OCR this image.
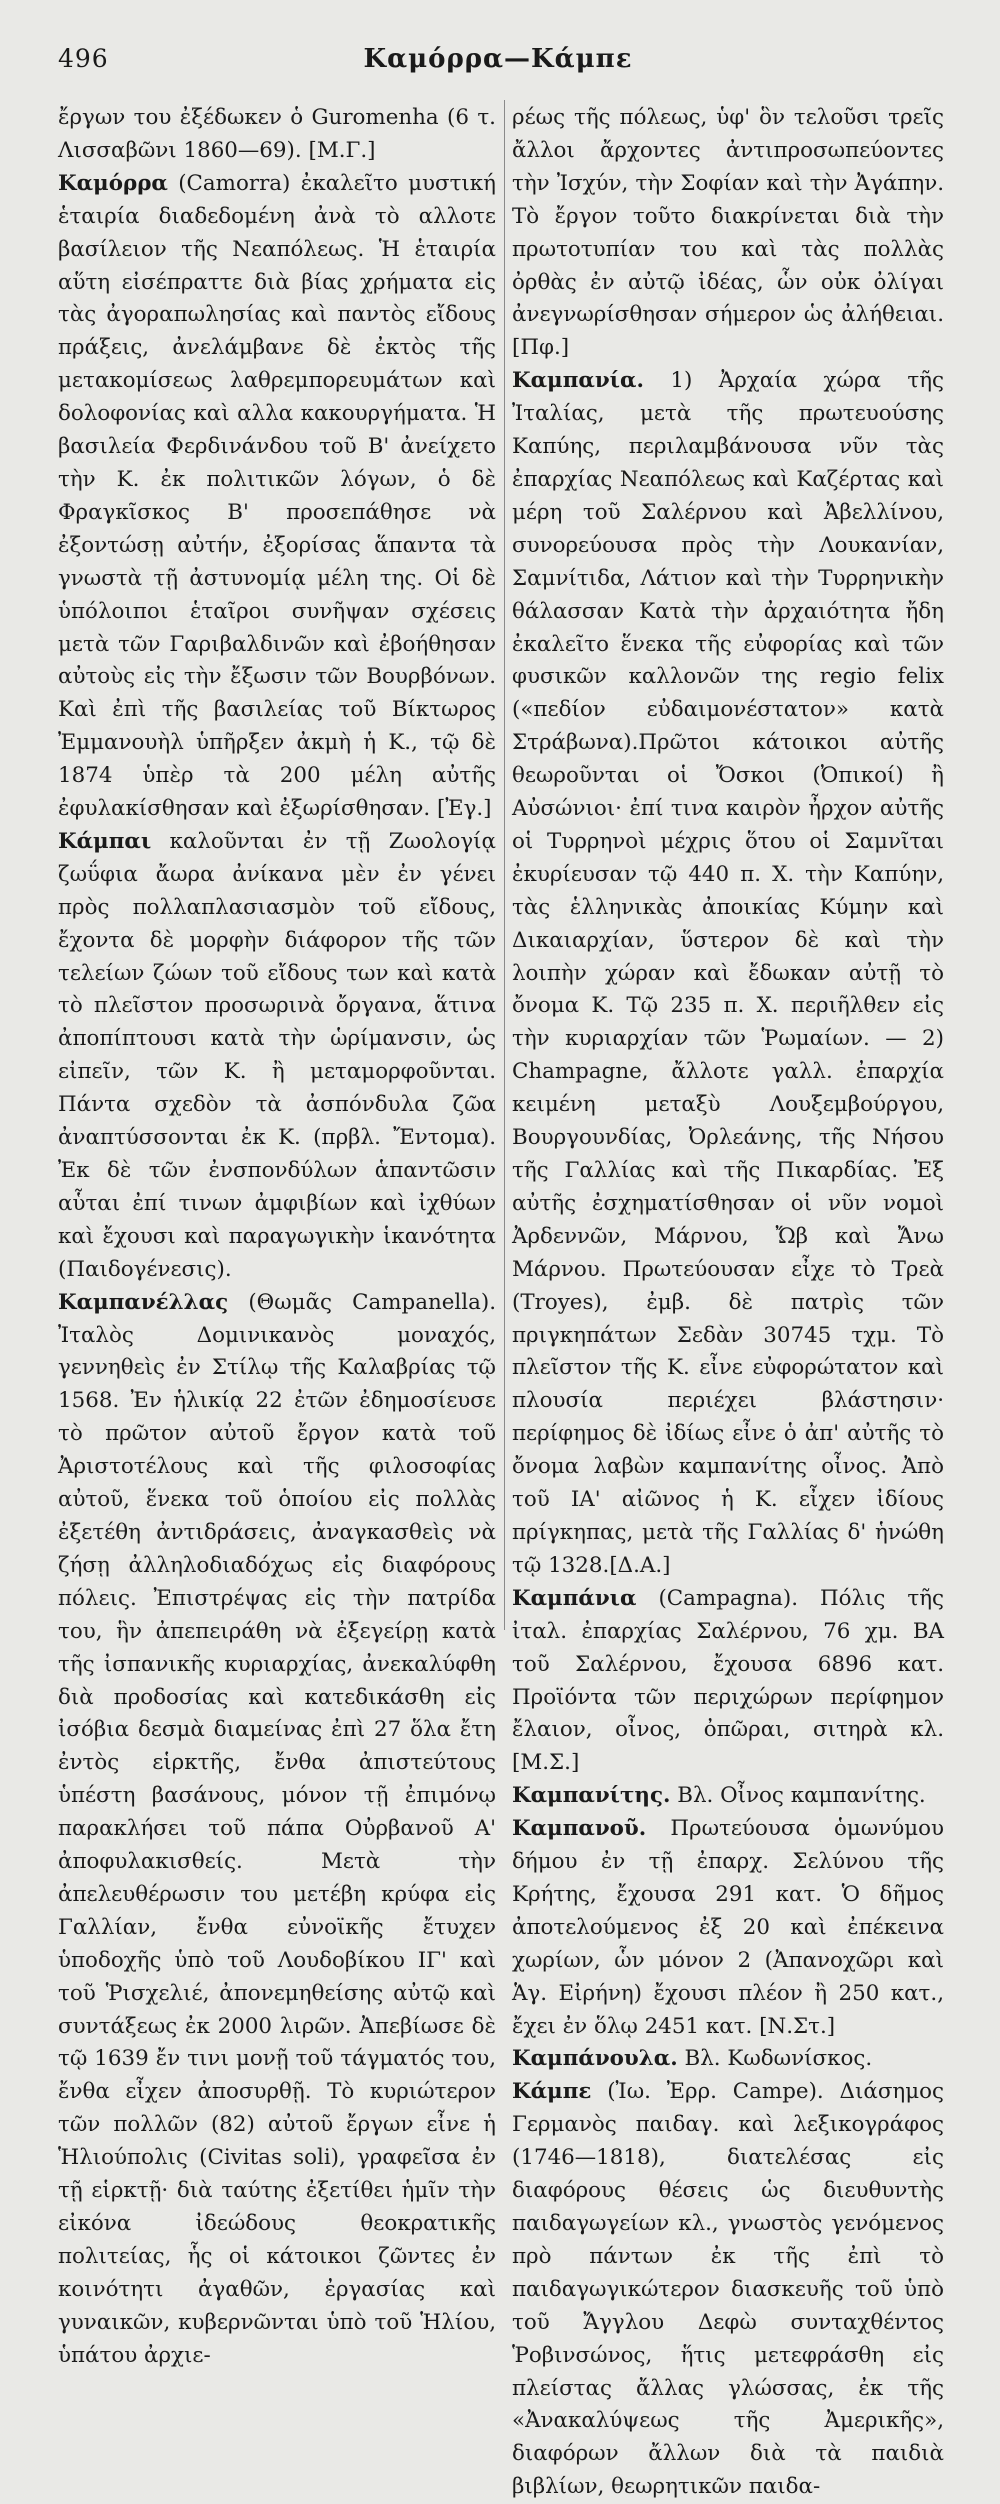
496	Καμόρρα—Κάμπε

ἔργων του ἐξέδωκεν ὁ Guromenha (6 τ. Λισσαβῶνι 1860—69). [Μ.Γ.]

Καμόρρα (Camorra) ἐκαλεῖτο μυστική ἑταιρία διαδεδομένη ἀνὰ τὸ αλλοτε βασίλειον τῆς Νεαπόλεως. Ἡ ἑταιρία αὕτη εἰσέπραττε διὰ βίας χρήματα εἰς τὰς ἀγοραπωλησίας καὶ παντὸς εἴδους πράξεις, ἀνελάμβανε δὲ ἐκτὸς τῆς μετακομίσεως λαθρεμπορευμάτων καὶ δολοφονίας καὶ αλλα κακουργήματα. Ἡ βασιλεία Φερδινάνδου τοῦ Β' ἀνείχετο τὴν Κ. ἐκ πολιτικῶν λόγων, ὁ δὲ Φραγκῖσκος Β' προσεπάθησε νὰ ἐξοντώσῃ αὐτήν, ἐξορίσας ἅπαντα τὰ γνωστὰ τῇ ἀστυνομίᾳ μέλη της. Οἱ δὲ ὑπόλοιποι ἑταῖροι συνῆψαν σχέσεις μετὰ τῶν Γαριβαλδινῶν καὶ ἐβοήθησαν αὐτοὺς εἰς τὴν ἔξωσιν τῶν Βουρβόνων. Καὶ ἐπὶ τῆς βασιλείας τοῦ Βίκτωρος Ἐμμανουὴλ ὑπῆρξεν ἀκμὴ ἡ Κ., τῷ δὲ 1874 ὑπὲρ τὰ 200 μέλη αὐτῆς ἐφυλακίσθησαν καὶ ἐξωρίσθησαν. [Ἐγ.]

Κάμπαι καλοῦνται ἐν τῇ Ζωολογίᾳ ζωΰφια ἄωρα ἀνίκανα μὲν ἐν γένει πρὸς πολλαπλασιασμὸν τοῦ εἴδους, ἔχοντα δὲ μορφὴν διάφορον τῆς τῶν τελείων ζώων τοῦ εἴδους των καὶ κατὰ τὸ πλεῖστον προσωρινὰ ὄργανα, ἅτινα ἀποπίπτουσι κατὰ τὴν ὡρίμανσιν, ὡς εἰπεῖν, τῶν Κ. ἢ μεταμορφοῦνται. Πάντα σχεδὸν τὰ ἀσπόνδυλα ζῶα ἀναπτύσσονται ἐκ Κ. (πρβλ. Ἔντομα). Ἐκ δὲ τῶν ἐνσπονδύλων ἁπαντῶσιν αὗται ἐπί τινων ἀμφιβίων καὶ ἰχθύων καὶ ἔχουσι καὶ παραγωγικὴν ἱκανότητα (Παιδογένεσις).

Καμπανέλλας (Θωμᾶς Campanella). Ἰταλὸς Δομινικανὸς μοναχός, γεννηθεὶς ἐν Στίλῳ τῆς Καλαβρίας τῷ 1568. Ἐν ἡλικίᾳ 22 ἐτῶν ἐδημοσίευσε τὸ πρῶτον αὐτοῦ ἔργον κατὰ τοῦ Ἀριστοτέλους καὶ τῆς φιλοσοφίας αὐτοῦ, ἕνεκα τοῦ ὁποίου εἰς πολλὰς ἐξετέθη ἀντιδράσεις, ἀναγκασθεὶς νὰ ζήσῃ ἀλληλοδιαδόχως εἰς διαφόρους πόλεις. Ἐπιστρέψας εἰς τὴν πατρίδα του, ἣν ἀπεπειράθη νὰ ἐξεγείρῃ κατὰ τῆς ἰσπανικῆς κυριαρχίας, ἀνεκαλύφθη διὰ προδοσίας καὶ κατεδικάσθη εἰς ἰσόβια δεσμὰ διαμείνας ἐπὶ 27 ὅλα ἔτη ἐντὸς εἱρκτῆς, ἔνθα ἀπιστεύτους ὑπέστη βασάνους, μόνον τῇ ἐπιμόνῳ παρακλήσει τοῦ πάπα Οὐρβανοῦ Α' ἀποφυλακισθείς. Μετὰ τὴν ἀπελευθέρωσιν του μετέβη κρύφα εἰς Γαλλίαν, ἔνθα εὐνοϊκῆς ἔτυχεν ὑποδοχῆς ὑπὸ τοῦ Λουδοβίκου ΙΓ' καὶ τοῦ Ῥισχελιέ, ἀπονεμηθείσης αὐτῷ καὶ συντάξεως ἐκ 2000 λιρῶν. Ἀπεβίωσε δὲ τῷ 1639 ἔν τινι μονῇ τοῦ τάγματός του, ἔνθα εἶχεν ἀποσυρθῇ. Τὸ κυριώτερον τῶν πολλῶν (82) αὐτοῦ ἔργων εἶνε ἡ Ἡλιούπολις (Civitas soli), γραφεῖσα ἐν τῇ εἱρκτῇ· διὰ ταύτης ἐξετίθει ἡμῖν τὴν εἰκόνα ἰδεώδους θεοκρατικῆς πολιτείας, ἧς οἱ κάτοικοι ζῶντες ἐν κοινότητι ἀγαθῶν, ἐργασίας καὶ γυναικῶν, κυβερνῶνται ὑπὸ τοῦ Ἡλίου, ὑπάτου ἀρχιε-

ρέως τῆς πόλεως, ὑφ' ὃν τελοῦσι τρεῖς ἄλλοι ἄρχοντες ἀντιπροσωπεύοντες τὴν Ἰσχύν, τὴν Σοφίαν καὶ τὴν Ἀγάπην. Τὸ ἔργον τοῦτο διακρίνεται διὰ τὴν πρωτοτυπίαν του καὶ τὰς πολλὰς ὀρθὰς ἐν αὐτῷ ἰδέας, ὧν οὐκ ὀλίγαι ἀνεγνωρίσθησαν σήμερον ὡς ἀλήθειαι. [Πφ.]

Καμπανία. 1) Ἀρχαία χώρα τῆς Ἰταλίας, μετὰ τῆς πρωτευούσης Καπύης, περιλαμβάνουσα νῦν τὰς ἐπαρχίας Νεαπόλεως καὶ Καζέρτας καὶ μέρη τοῦ Σαλέρνου καὶ Ἀβελλίνου, συνορεύουσα πρὸς τὴν Λουκανίαν, Σαμνίτιδα, Λάτιον καὶ τὴν Τυρρηνικὴν θάλασσαν Κατὰ τὴν ἀρχαιότητα ἤδη ἐκαλεῖτο ἕνεκα τῆς εὐφορίας καὶ τῶν φυσικῶν καλλονῶν της regio felix («πεδίον εὐδαιμονέστατον» κατὰ Στράβωνα).Πρῶτοι κάτοικοι αὐτῆς θεωροῦνται οἱ Ὄσκοι (Ὀπικοί) ἢ Αὐσώνιοι· ἐπί τινα καιρὸν ἦρχον αὐτῆς οἱ Τυρρηνοὶ μέχρις ὅτου οἱ Σαμνῖται ἐκυρίευσαν τῷ 440 π. Χ. τὴν Καπύην, τὰς ἑλληνικὰς ἀποικίας Κύμην καὶ Δικαιαρχίαν, ὕστερον δὲ καὶ τὴν λοιπὴν χώραν καὶ ἔδωκαν αὐτῇ τὸ ὄνομα Κ. Τῷ 235 π. Χ. περιῆλθεν εἰς τὴν κυριαρχίαν τῶν Ῥωμαίων. — 2) Champagne, ἄλλοτε γαλλ. ἐπαρχία κειμένη μεταξὺ Λουξεμβούργου, Βουργουνδίας, Ὀρλεάνης, τῆς Νήσου τῆς Γαλλίας καὶ τῆς Πικαρδίας. Ἐξ αὐτῆς ἐσχηματίσθησαν οἱ νῦν νομοὶ Ἀρδεννῶν, Μάρνου, Ὤβ καὶ Ἄνω Μάρνου. Πρωτεύουσαν εἶχε τὸ Τρεὰ (Troyes), ἐμβ. δὲ πατρὶς τῶν πριγκηπάτων Σεδὰν 30745 τχμ. Τὸ πλεῖστον τῆς Κ. εἶνε εὐφορώτατον καὶ πλουσία περιέχει βλάστησιν· περίφημος δὲ ἰδίως εἶνε ὁ ἀπ' αὐτῆς τὸ ὄνομα λαβὼν καμπανίτης οἶνος. Ἀπὸ τοῦ ΙΑ' αἰῶνος ἡ Κ. εἶχεν ἰδίους πρίγκηπας, μετὰ τῆς Γαλλίας δ' ἡνώθη τῷ 1328.[Δ.Α.]

Καμπάνια (Campagna). Πόλις τῆς ἰταλ. ἐπαρχίας Σαλέρνου, 76 χμ. ΒΑ τοῦ Σαλέρνου, ἔχουσα 6896 κατ. Προϊόντα τῶν περιχώρων περίφημον ἔλαιον, οἶνος, ὀπῶραι, σιτηρὰ κλ. [Μ.Σ.]

Καμπανίτης. Βλ. Οἶνος καμπανίτης.

Καμπανοῦ. Πρωτεύουσα ὁμωνύμου δήμου ἐν τῇ ἐπαρχ. Σελύνου τῆς Κρήτης, ἔχουσα 291 κατ. Ὁ δῆμος ἀποτελούμενος ἐξ 20 καὶ ἐπέκεινα χωρίων, ὧν μόνον 2 (Ἀπανοχῶρι καὶ Ἁγ. Εἰρήνη) ἔχουσι πλέον ἢ 250 κατ., ἔχει ἐν ὅλῳ 2451 κατ. [Ν.Στ.]

Καμπάνουλα. Βλ. Κωδωνίσκος.

Κάμπε (Ἰω. Ἐρρ. Campe). Διάσημος Γερμανὸς παιδαγ. καὶ λεξικογράφος (1746—1818), διατελέσας εἰς διαφόρους θέσεις ὡς διευθυντὴς παιδαγωγείων κλ., γνωστὸς γενόμενος πρὸ πάντων ἐκ τῆς ἐπὶ τὸ παιδαγωγικώτερον διασκευῆς τοῦ ὑπὸ τοῦ Ἄγγλου Δεφὼ συνταχθέντος Ῥοβινσώνος, ἥτις μετεφράσθη εἰς πλείστας ἄλλας γλώσσας, ἐκ τῆς «Ἀνακαλύψεως τῆς Ἀμερικῆς», διαφόρων ἄλλων διὰ τὰ παιδιὰ βιβλίων, θεωρητικῶν παιδα-
